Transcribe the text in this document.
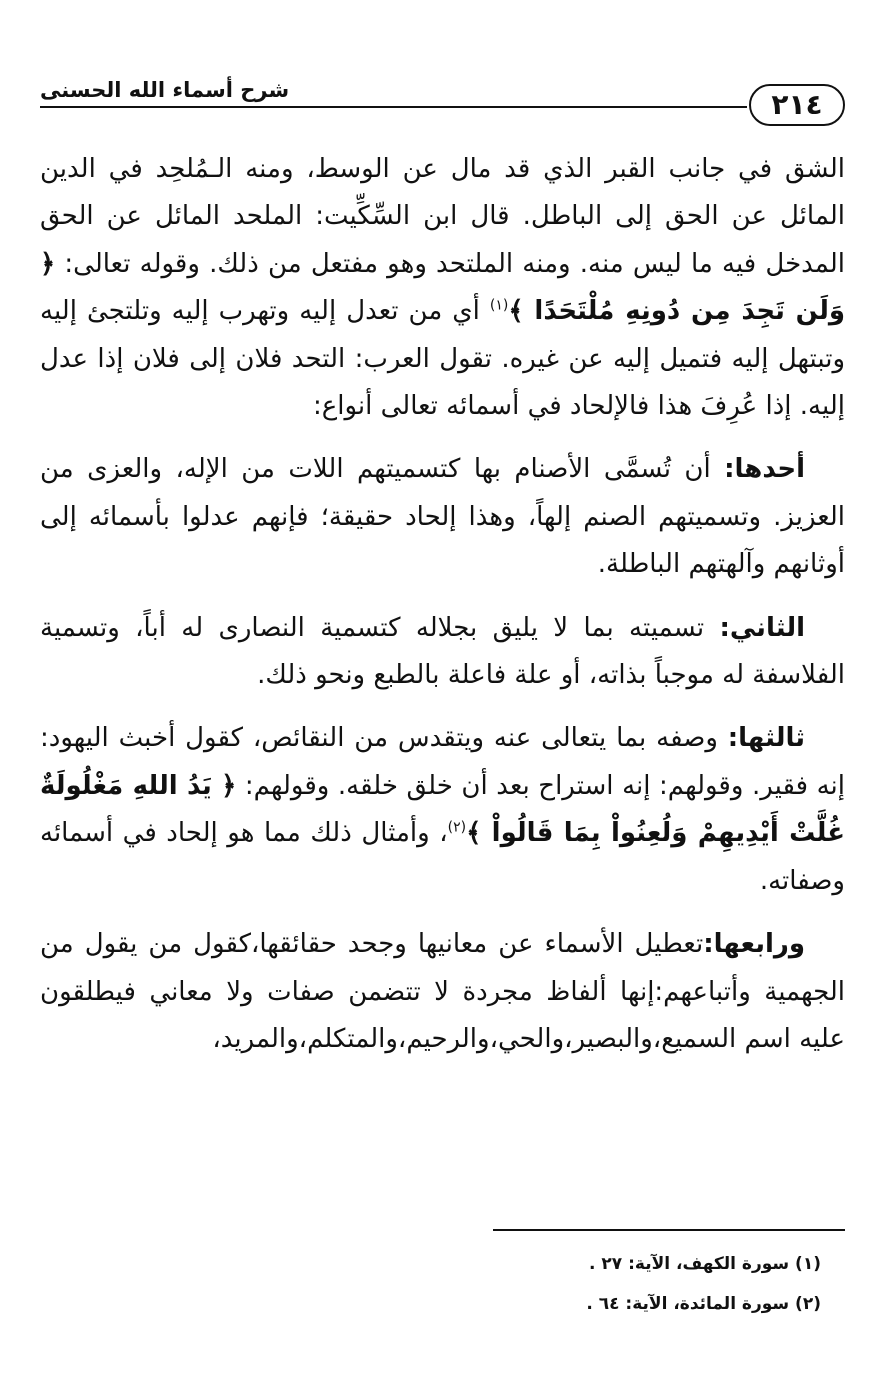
٢١٤
شرح أسماء الله الحسنى

الشق في جانب القبر الذي قد مال عن الوسط، ومنه الـمُلحِد في الدين المائل عن الحق إلى الباطل. قال ابن السِّكِّيت: الملحد المائل عن الحق المدخل فيه ما ليس منه. ومنه الملتحد وهو مفتعل من ذلك. وقوله تعالى: ﴿ وَلَن تَجِدَ مِن دُونِهِ مُلْتَحَدًا ﴾$^{(١)}$ أي من تعدل إليه وتهرب إليه وتلتجئ إليه وتبتهل إليه فتميل إليه عن غيره. تقول العرب: التحد فلان إلى فلان إذا عدل إليه. إذا عُرِفَ هذا فالإلحاد في أسمائه تعالى أنواع:

أحدها: أن تُسمَّى الأصنام بها كتسميتهم اللات من الإله، والعزى من العزيز. وتسميتهم الصنم إلهاً، وهذا إلحاد حقيقة؛ فإنهم عدلوا بأسمائه إلى أوثانهم وآلهتهم الباطلة.

الثاني: تسميته بما لا يليق بجلاله كتسمية النصارى له أباً، وتسمية الفلاسفة له موجباً بذاته، أو علة فاعلة بالطبع ونحو ذلك.

ثالثها: وصفه بما يتعالى عنه ويتقدس من النقائص، كقول أخبث اليهود: إنه فقير. وقولهم: إنه استراح بعد أن خلق خلقه. وقولهم: ﴿ يَدُ اللهِ مَغْلُولَةٌ غُلَّتْ أَيْدِيهِمْ وَلُعِنُواْ بِمَا قَالُواْ ﴾$^{(٢)}$، وأمثال ذلك مما هو إلحاد في أسمائه وصفاته.

ورابعها:تعطيل الأسماء عن معانيها وجحد حقائقها،كقول من يقول من الجهمية وأتباعهم:إنها ألفاظ مجردة لا تتضمن صفات ولا معاني فيطلقون عليه اسم السميع،والبصير،والحي،والرحيم،والمتكلم،والمريد،

(١) سورة الكهف، الآية: ٢٧ .

(٢) سورة المائدة، الآية: ٦٤ .
